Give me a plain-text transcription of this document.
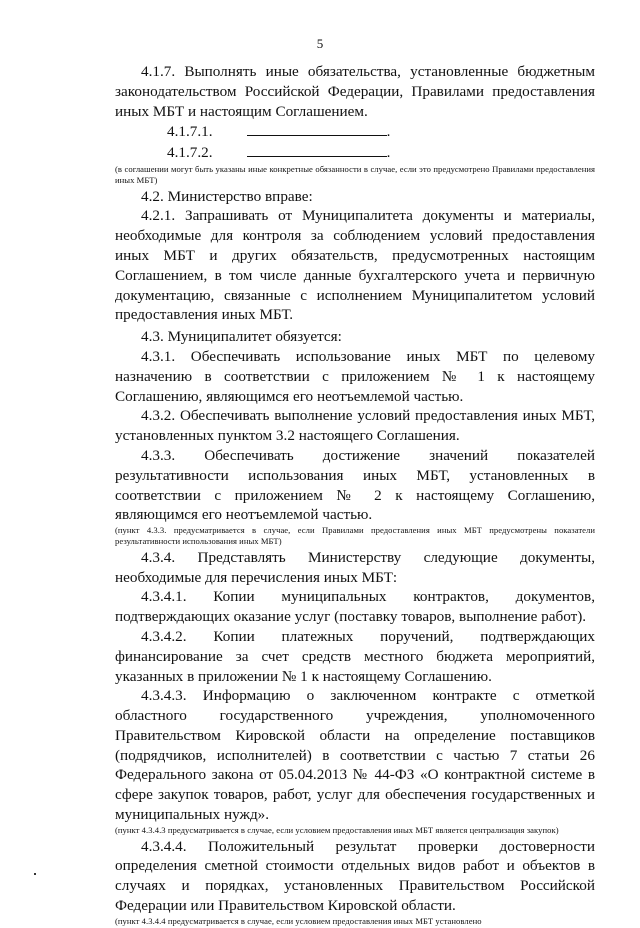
5

4.1.7. Выполнять иные обязательства, установленные бюджетным законодательством Российской Федерации, Правилами предоставления иных МБТ и настоящим Соглашением.

4.1.7.1.	.

4.1.7.2.	.

(в соглашении могут быть указаны иные конкретные обязанности в случае, если это предусмотрено Правилами предоставления иных МБТ)

4.2. Министерство вправе:

4.2.1. Запрашивать от Муниципалитета документы и материалы, необходимые для контроля за соблюдением условий предоставления иных МБТ и других обязательств, предусмотренных настоящим Соглашением, в том числе данные бухгалтерского учета и первичную документацию, связанные с исполнением Муниципалитетом условий предоставления иных МБТ.

4.3. Муниципалитет обязуется:

4.3.1. Обеспечивать использование иных МБТ по целевому назначению в соответствии с приложением № 1 к настоящему Соглашению, являющимся его неотъемлемой частью.

4.3.2. Обеспечивать выполнение условий предоставления иных МБТ, установленных пунктом 3.2 настоящего Соглашения.

4.3.3. Обеспечивать достижение значений показателей результативности использования иных МБТ, установленных в соответствии с приложением № 2 к настоящему Соглашению, являющимся его неотъемлемой частью.

(пункт 4.3.3. предусматривается в случае, если Правилами предоставления иных МБТ предусмотрены показатели результативности использования иных МБТ)

4.3.4. Представлять Министерству следующие документы, необходимые для перечисления иных МБТ:

4.3.4.1. Копии муниципальных контрактов, документов, подтверждающих оказание услуг (поставку товаров, выполнение работ).

4.3.4.2. Копии платежных поручений, подтверждающих финансирование за счет средств местного бюджета мероприятий, указанных в приложении № 1 к настоящему Соглашению.

4.3.4.3. Информацию о заключенном контракте с отметкой областного государственного учреждения, уполномоченного Правительством Кировской области на определение поставщиков (подрядчиков, исполнителей) в соответствии с частью 7 статьи 26 Федерального закона от 05.04.2013 № 44-ФЗ «О контрактной системе в сфере закупок товаров, работ, услуг для обеспечения государственных и муниципальных нужд».

(пункт 4.3.4.3 предусматривается в случае, если условием предоставления иных МБТ является централизация закупок)

4.3.4.4. Положительный результат проверки достоверности определения сметной стоимости отдельных видов работ и объектов в случаях и порядках, установленных Правительством Российской Федерации или Правительством Кировской области.

(пункт 4.3.4.4 предусматривается в случае, если условием предоставления иных МБТ установлено
